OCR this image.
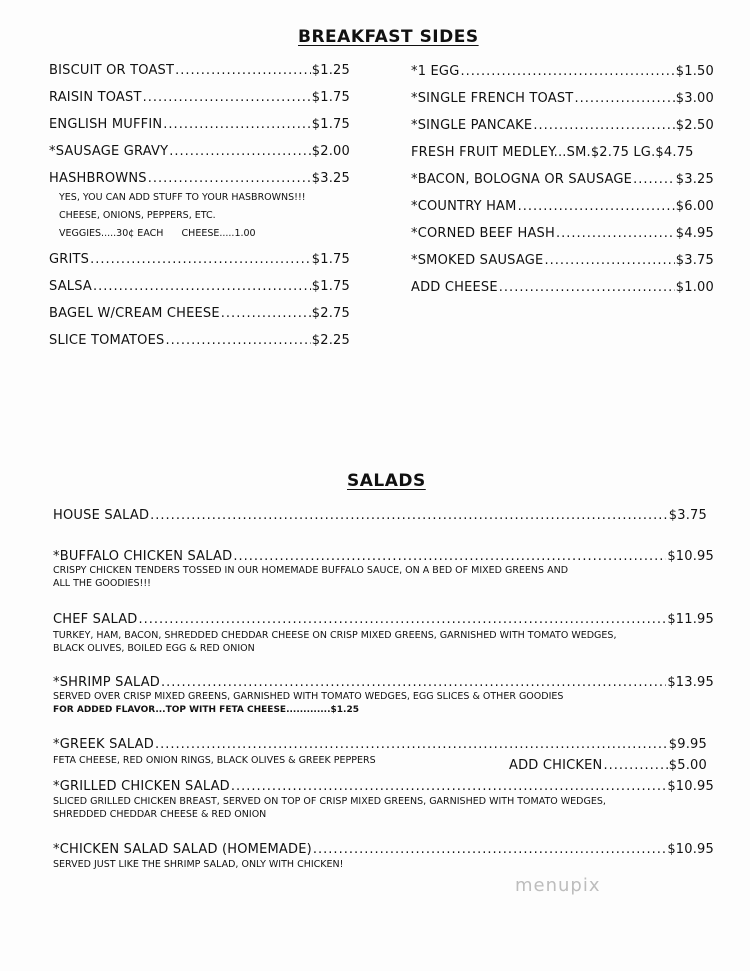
BREAKFAST SIDES
BISCUIT OR TOAST .....	$1.25
RAISIN TOAST .....	$1.75
ENGLISH MUFFIN .....	$1.75
*SAUSAGE GRAVY .....	$2.00
HASHBROWNS .....	$3.25
YES, YOU CAN ADD STUFF TO YOUR HASBROWNS!!!
CHEESE, ONIONS, PEPPERS, ETC.
VEGGIES.....30¢ EACH      CHEESE.....1.00
GRITS .....	$1.75
SALSA .....	$1.75
BAGEL W/CREAM CHEESE .....	$2.75
SLICE TOMATOES .....	$2.25
*1 EGG .....	$1.50
*SINGLE FRENCH TOAST .....	$3.00
*SINGLE PANCAKE .....	$2.50
FRESH FRUIT MEDLEY...SM.$2.75 LG. $4.75
*BACON, BOLOGNA OR SAUSAGE .....	$3.25
*COUNTRY HAM .....	$6.00
*CORNED BEEF HASH .....	$4.95
*SMOKED SAUSAGE .....	$3.75
ADD CHEESE .....	$1.00
SALADS
HOUSE SALAD .....	$3.75
*BUFFALO CHICKEN SALAD .....	$10.95
CRISPY CHICKEN TENDERS TOSSED IN OUR HOMEMADE BUFFALO SAUCE, ON A BED OF MIXED GREENS AND
ALL THE GOODIES!!!
CHEF SALAD .....	$11.95
TURKEY, HAM, BACON, SHREDDED CHEDDAR CHEESE ON CRISP MIXED GREENS, GARNISHED WITH TOMATO WEDGES,
BLACK OLIVES, BOILED EGG & RED ONION
*SHRIMP SALAD .....	$13.95
SERVED OVER CRISP MIXED GREENS, GARNISHED WITH TOMATO WEDGES, EGG SLICES & OTHER GOODIES
FOR ADDED FLAVOR...TOP WITH FETA CHEESE.............$1.25
*GREEK SALAD .....	$9.95
FETA CHEESE, RED ONION RINGS, BLACK OLIVES & GREEK PEPPERS	ADD CHICKEN .....	$5.00
*GRILLED CHICKEN SALAD .....	$10.95
SLICED GRILLED CHICKEN BREAST, SERVED ON TOP OF CRISP MIXED GREENS, GARNISHED WITH TOMATO WEDGES,
SHREDDED CHEDDAR CHEESE & RED ONION
*CHICKEN SALAD SALAD (HOMEMADE) .....	$10.95
SERVED JUST LIKE THE SHRIMP SALAD, ONLY WITH CHICKEN!
menupix
